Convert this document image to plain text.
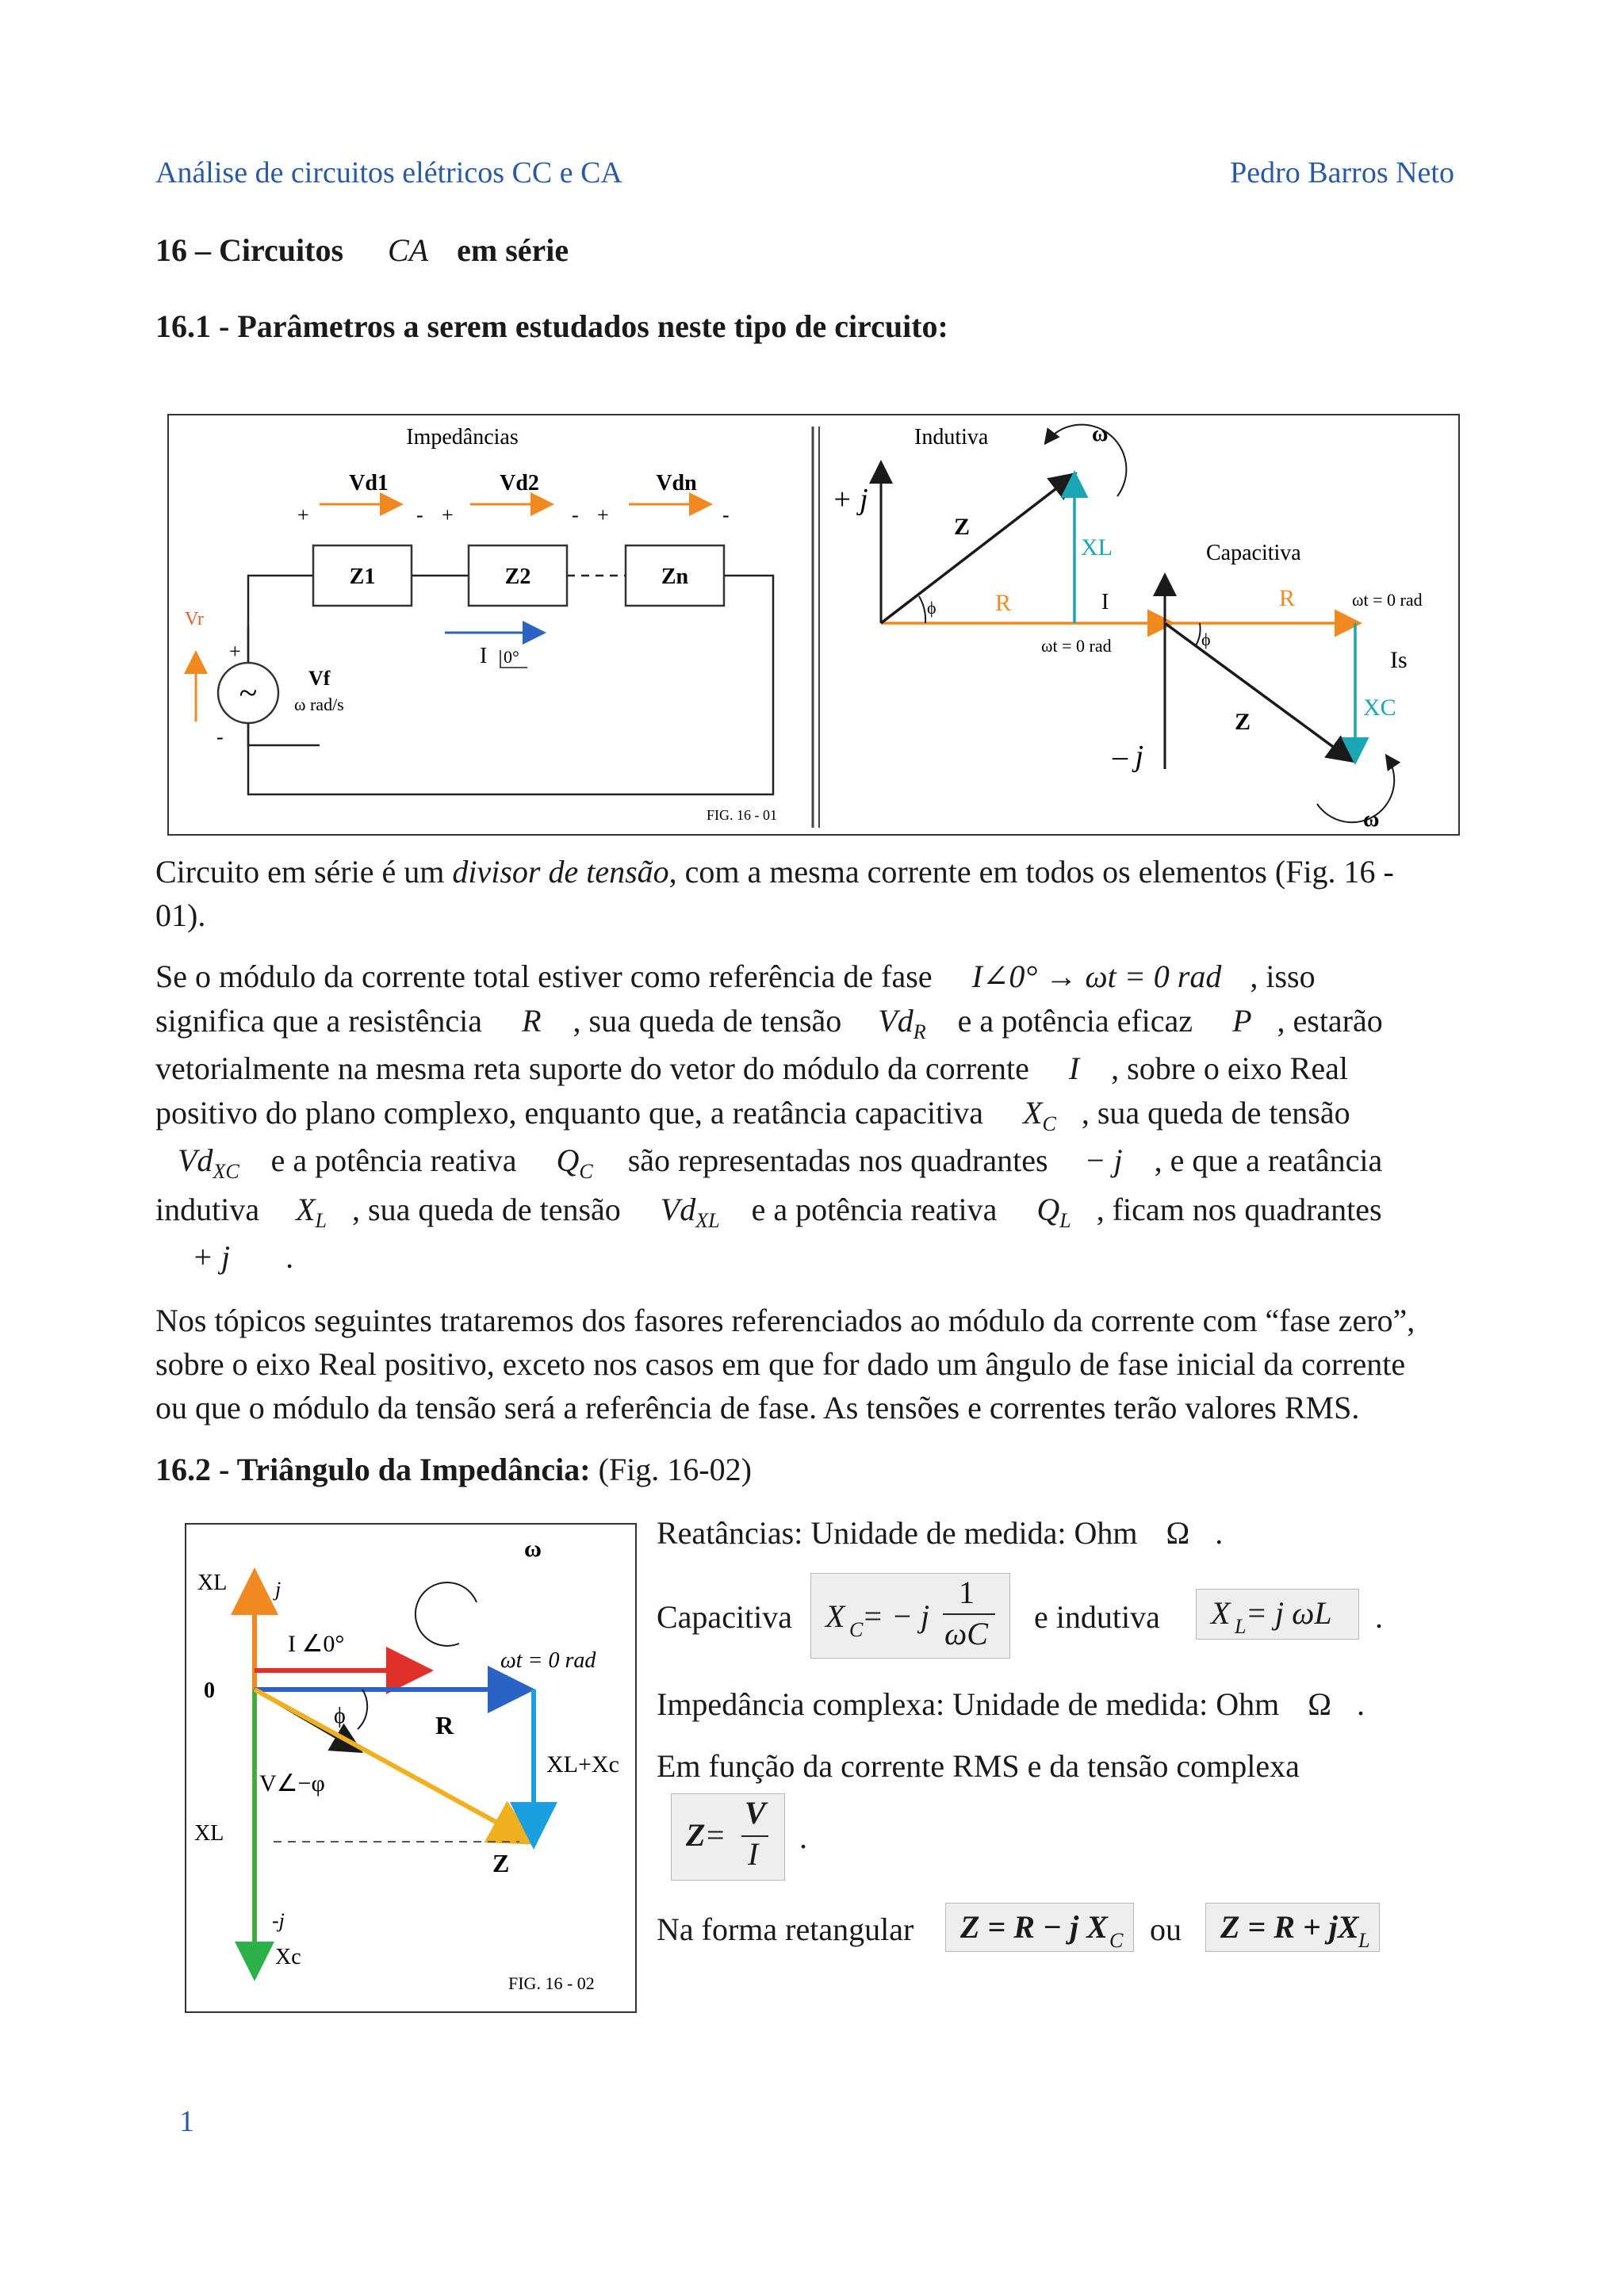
Análise de circuitos elétricos CC e CA	Pedro Barros Neto
16 – Circuitos CA em série
16.1 - Parâmetros a serem estudados neste tipo de circuito:
Impedâncias
Vd1	Vd2	Vdn
+	- +	- +	-
Z1	Z2	Zn
I 0°
~
+
-
Vr
Vf
ω rad/s
FIG. 16 - 01
Indutiva
+ j
Z
XL
R	I
ωt = 0 rad
ϕ
ω
Capacitiva
– j
R	ωt = 0 rad
Is
XC
Z
ϕ
ω
Circuito em série é um divisor de tensão, com a mesma corrente em todos os elementos (Fig. 16 -
01).
Se o módulo da corrente total estiver como referência de fase I∠0° → ωt = 0 rad , isso
significa que a resistência R , sua queda de tensão $Vd_R$ e a potência eficaz P , estarão
vetorialmente na mesma reta suporte do vetor do módulo da corrente I , sobre o eixo Real
positivo do plano complexo, enquanto que, a reatância capacitiva $X_C$ , sua queda de tensão
$Vd_{XC}$ e a potência reativa $Q_C$ são representadas nos quadrantes − j , e que a reatância
indutiva $X_L$ , sua queda de tensão $Vd_{XL}$ e a potência reativa $Q_L$ , ficam nos quadrantes
+ j .
Nos tópicos seguintes trataremos dos fasores referenciados ao módulo da corrente com “fase zero”,
sobre o eixo Real positivo, exceto nos casos em que for dado um ângulo de fase inicial da corrente
ou que o módulo da tensão será a referência de fase. As tensões e correntes terão valores RMS.
16.2 - Triângulo da Impedância: (Fig. 16-02)
XL j
0
I ∠0°
ω
ωt = 0 rad
ϕ	R
XL+Xc
V∠−φ
XL
Z
-j
Xc
FIG. 16 - 02
Reatâncias: Unidade de medida: Ohm Ω .
Capacitiva X C
= − j
1
ωC e indutiva X L = j ωL .
Impedância complexa: Unidade de medida: Ohm Ω .
Em função da corrente RMS e da tensão complexa
Z =
V
I .
Na forma retangular Z = R − j X C ou Z = R + jX L
1
